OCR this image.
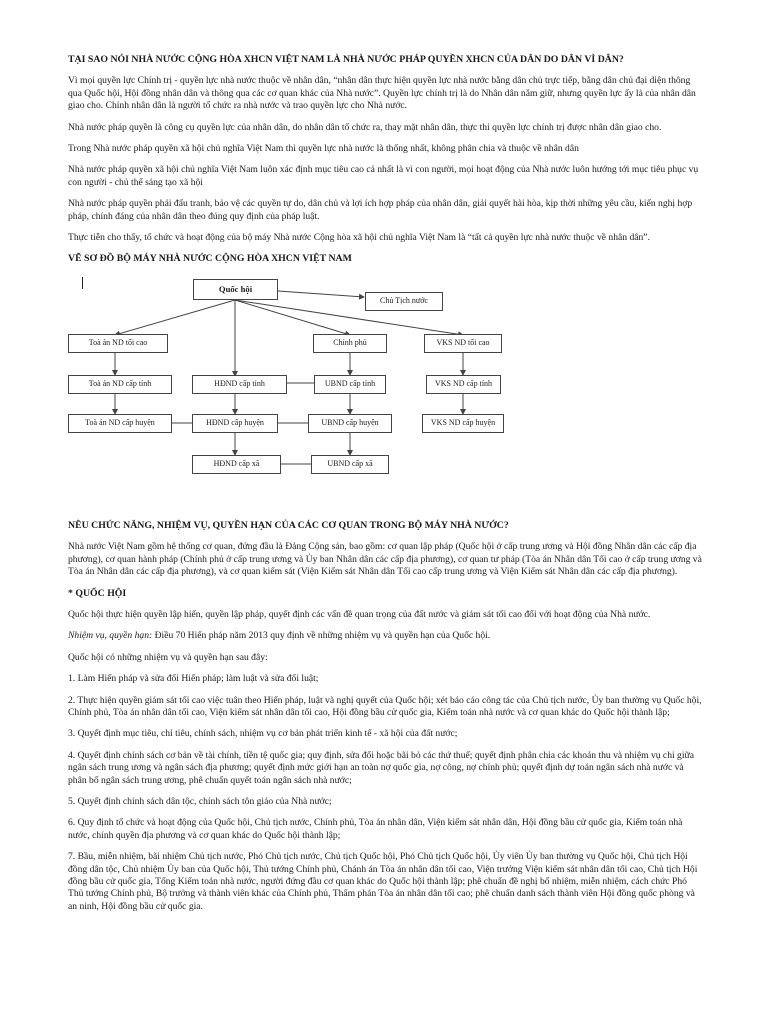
TẠI SAO NÓI NHÀ NƯỚC CỘNG HÒA XHCN VIỆT NAM LÀ NHÀ NƯỚC PHÁP QUYỀN XHCN CỦA DÂN DO DÂN VÌ DÂN?
Vì mọi quyền lực Chính trị - quyền lực nhà nước thuộc về nhân dân, “nhân dân thực hiện quyền lực nhà nước bằng dân chủ trực tiếp, bằng dân chủ đại diện thông qua Quốc hội, Hội đồng nhân dân và thông qua các cơ quan khác của Nhà nước”. Quyền lực chính trị là do Nhân dân nắm giữ, nhưng quyền lực ấy là của nhân dân giao cho. Chính nhân dân là người tổ chức ra nhà nước và trao quyền lực cho Nhà nước.
Nhà nước pháp quyền là công cụ quyền lực của nhân dân, do nhân dân tổ chức ra, thay mặt nhân dân, thực thi quyền lực chính trị được nhân dân giao cho.
Trong Nhà nước pháp quyền xã hội chủ nghĩa Việt Nam thì quyền lực nhà nước là thống nhất, không phân chia và thuộc về nhân dân
Nhà nước pháp quyền xã hội chủ nghĩa Việt Nam luôn xác định mục tiêu cao cả nhất là vì con người, mọi hoạt động của Nhà nước luôn hướng tới mục tiêu phục vụ con người - chủ thể sáng tạo xã hội
Nhà nước pháp quyền phải đấu tranh, bảo vệ các quyền tự do, dân chủ và lợi ích hợp pháp của nhân dân, giải quyết hài hòa, kịp thời những yêu cầu, kiến nghị hợp pháp, chính đáng của nhân dân theo đúng quy định của pháp luật.
Thực tiễn cho thấy, tổ chức và hoạt động của bộ máy Nhà nước Cộng hòa xã hội chủ nghĩa Việt Nam là “tất cả quyền lực nhà nước thuộc về nhân dân”.
VẼ SƠ ĐỒ BỘ MÁY NHÀ NƯỚC CỘNG HÒA XHCN VIỆT NAM
Quốc hội
Chủ Tịch nước
Toà án ND tối cao
Toà án ND cấp tỉnh
Toà án ND cấp huyện
HĐND cấp tỉnh
HĐND cấp huyện
HĐND cấp xã
Chính phủ
UBND cấp tỉnh
UBND cấp huyện
UBND cấp xã
VKS ND tối cao
VKS ND cấp tỉnh
VKS ND cấp huyện
NÊU CHỨC NĂNG, NHIỆM VỤ, QUYỀN HẠN CỦA CÁC CƠ QUAN TRONG BỘ MÁY NHÀ NƯỚC?
Nhà nước Việt Nam gồm hệ thống cơ quan, đứng đầu là Đảng Cộng sản, bao gồm: cơ quan lập pháp (Quốc hội ở cấp trung ương và Hội đồng Nhân dân các cấp địa phương), cơ quan hành pháp (Chính phủ ở cấp trung ương và Ủy ban Nhân dân các cấp địa phương), cơ quan tư pháp (Tòa án Nhân dân Tối cao ở cấp trung ương và Tòa án Nhân dân các cấp địa phương), và cơ quan kiểm sát (Viện Kiểm sát Nhân dân Tối cao cấp trung ương và Viện Kiểm sát Nhân dân các cấp địa phương).
* QUỐC HỘI
Quốc hội thực hiện quyền lập hiến, quyền lập pháp, quyết định các vấn đề quan trọng của đất nước và giám sát tối cao đối với hoạt động của Nhà nước.
Nhiệm vụ, quyền hạn: Điều 70 Hiến pháp năm 2013 quy định về những nhiệm vụ và quyền hạn của Quốc hội.
Quốc hội có những nhiệm vụ và quyền hạn sau đây:
1. Làm Hiến pháp và sửa đổi Hiến pháp; làm luật và sửa đổi luật;
2. Thực hiện quyền giám sát tối cao việc tuân theo Hiến pháp, luật và nghị quyết của Quốc hội; xét báo cáo công tác của Chủ tịch nước, Ủy ban thường vụ Quốc hội, Chính phủ, Tòa án nhân dân tối cao, Viện kiểm sát nhân dân tối cao, Hội đồng bầu cử quốc gia, Kiểm toán nhà nước và cơ quan khác do Quốc hội thành lập;
3. Quyết định mục tiêu, chỉ tiêu, chính sách, nhiệm vụ cơ bản phát triển kinh tế - xã hội của đất nước;
4. Quyết định chính sách cơ bản về tài chính, tiền tệ quốc gia; quy định, sửa đổi hoặc bãi bỏ các thứ thuế; quyết định phân chia các khoản thu và nhiệm vụ chi giữa ngân sách trung ương và ngân sách địa phương; quyết định mức giới hạn an toàn nợ quốc gia, nợ công, nợ chính phủ; quyết định dự toán ngân sách nhà nước và phân bổ ngân sách trung ương, phê chuẩn quyết toán ngân sách nhà nước;
5. Quyết định chính sách dân tộc, chính sách tôn giáo của Nhà nước;
6. Quy định tổ chức và hoạt động của Quốc hội, Chủ tịch nước, Chính phủ, Tòa án nhân dân, Viện kiểm sát nhân dân, Hội đồng bầu cử quốc gia, Kiểm toán nhà nước, chính quyền địa phương và cơ quan khác do Quốc hội thành lập;
7. Bầu, miễn nhiệm, bãi nhiệm Chủ tịch nước, Phó Chủ tịch nước, Chủ tịch Quốc hội, Phó Chủ tịch Quốc hội, Ủy viên Ủy ban thường vụ Quốc hội, Chủ tịch Hội đồng dân tộc, Chủ nhiệm Ủy ban của Quốc hội, Thủ tướng Chính phủ, Chánh án Tòa án nhân dân tối cao, Viện trưởng Viện kiểm sát nhân dân tối cao, Chủ tịch Hội đồng bầu cử quốc gia, Tổng Kiểm toán nhà nước, người đứng đầu cơ quan khác do Quốc hội thành lập; phê chuẩn đề nghị bổ nhiệm, miễn nhiệm, cách chức Phó Thủ tướng Chính phủ, Bộ trưởng và thành viên khác của Chính phủ, Thẩm phán Tòa án nhân dân tối cao; phê chuẩn danh sách thành viên Hội đồng quốc phòng và an ninh, Hội đồng bầu cử quốc gia.
